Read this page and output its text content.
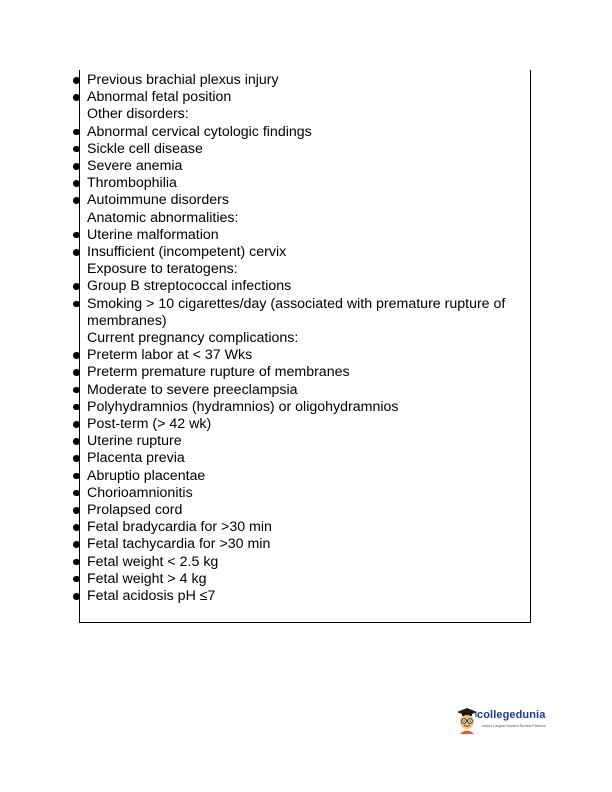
Previous brachial plexus injury
Abnormal fetal position
Other disorders:
Abnormal cervical cytologic findings
Sickle cell disease
Severe anemia
Thrombophilia
Autoimmune disorders
Anatomic abnormalities:
Uterine malformation
Insufficient (incompetent) cervix
Exposure to teratogens:
Group B streptococcal infections
Smoking > 10 cigarettes/day (associated with premature rupture of membranes)
Current pregnancy complications:
Preterm labor at < 37 Wks
Preterm premature rupture of membranes
Moderate to severe preeclampsia
Polyhydramnios (hydramnios) or oligohydramnios
Post-term (> 42 wk)
Uterine rupture
Placenta previa
Abruptio placentae
Chorioamnionitis
Prolapsed cord
Fetal bradycardia for >30 min
Fetal tachycardia for >30 min
Fetal weight < 2.5 kg
Fetal weight > 4 kg
Fetal acidosis pH ≤7
collegedunia
India's Largest Student Review Platform
